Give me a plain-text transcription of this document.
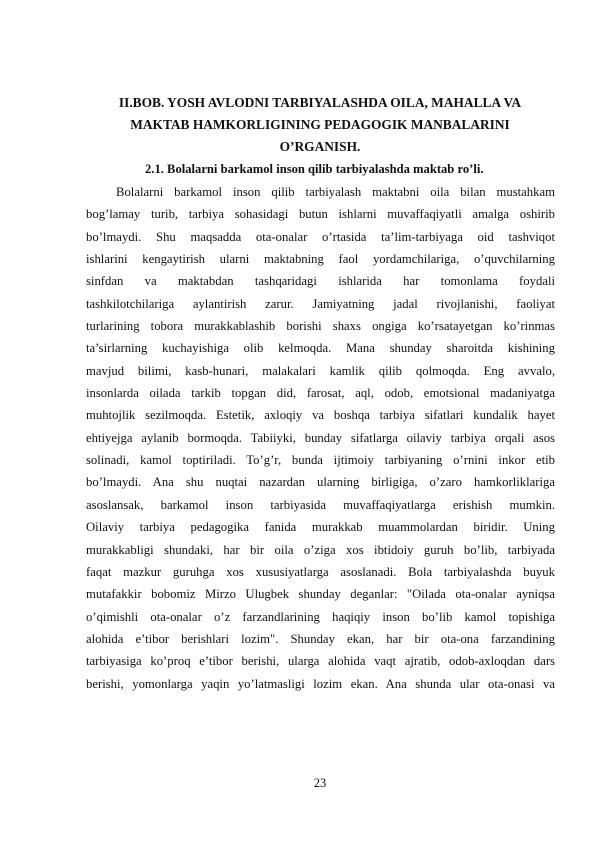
II.BOB. YOSH AVLODNI TARBIYALASHDA OILA, MAHALLA VA
MAKTAB HAMKORLIGINING PEDAGOGIK MANBALARINI
O’RGANISH.
2.1. Bolalarni barkamol inson qilib tarbiyalashda maktab ro’li.
Bolalarni barkamol inson qilib tarbiyalash maktabni oila bilan mustahkam
bog’lamay turib, tarbiya sohasidagi butun ishlarni muvaffaqiyatli amalga oshirib
bo’lmaydi. Shu maqsadda ota-onalar o’rtasida ta’lim-tarbiyaga oid tashviqot
ishlarini kengaytirish ularni maktabning faol yordamchilariga, o’quvchilarning
sinfdan va maktabdan tashqaridagi ishlarida har tomonlama foydali
tashkilotchilariga aylantirish zarur. Jamiyatning jadal rivojlanishi, faoliyat
turlarining tobora murakkablashib borishi shaxs ongiga ko’rsatayetgan ko’rinmas
ta’sirlarning kuchayishiga olib kelmoqda. Mana shunday sharoitda kishining
mavjud bilimi, kasb-hunari, malakalari kamlik qilib qolmoqda. Eng avvalo,
insonlarda oilada tarkib topgan did, farosat, aql, odob, emotsional madaniyatga
muhtojlik sezilmoqda. Estetik, axloqiy va boshqa tarbiya sifatlari kundalik hayet
ehtiyejga aylanib bormoqda. Tabiiyki, bunday sifatlarga oilaviy tarbiya orqali asos
solinadi, kamol toptiriladi. To’g’r, bunda ijtimoiy tarbiyaning o’rnini inkor etib
bo’lmaydi. Ana shu nuqtai nazardan ularning birligiga, o’zaro hamkorliklariga
asoslansak, barkamol inson tarbiyasida muvaffaqiyatlarga erishish mumkin.
Oilaviy tarbiya pedagogika fanida murakkab muammolardan biridir. Uning
murakkabligi shundaki, har bir oila o’ziga xos ibtidoiy guruh bo’lib, tarbiyada
faqat mazkur guruhga xos xususiyatlarga asoslanadi. Bola tarbiyalashda buyuk
mutafakkir bobomiz Mirzo Ulugbek shunday deganlar: "Oilada ota-onalar ayniqsa
o’qimishli ota-onalar o’z farzandlarining haqiqiy inson bo’lib kamol topishiga
alohida e’tibor berishlari lozim". Shunday ekan, har bir ota-ona farzandining
tarbiyasiga ko’proq e’tibor berishi, ularga alohida vaqt ajratib, odob-axloqdan dars
berishi, yomonlarga yaqin yo’latmasligi lozim ekan. Ana shunda ular ota-onasi va
23
